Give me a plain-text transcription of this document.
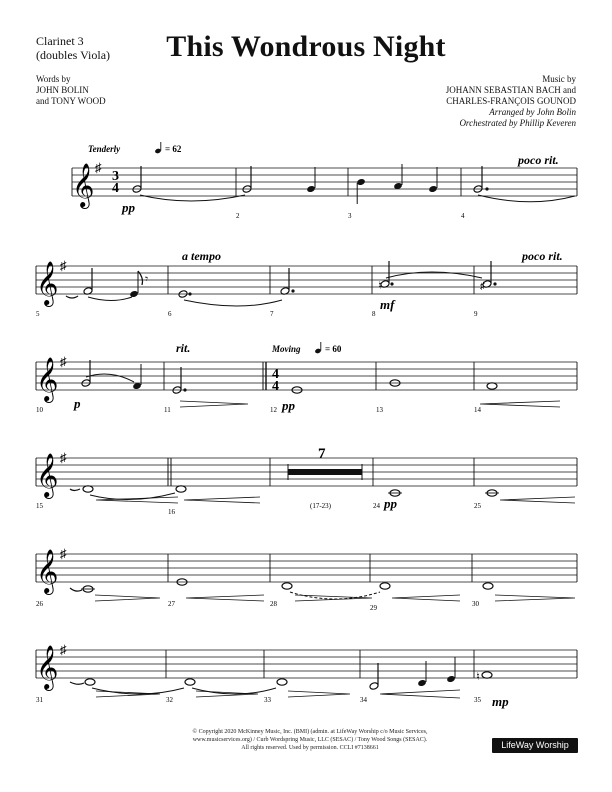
Clarinet 3
(doubles Viola)	This Wondrous Night
Words by
JOHN BOLIN
and TONY WOOD
Music by
JOHANN SEBASTIAN BACH and
CHARLES-FRANÇOIS GOUNOD
Arranged by John Bolin
Orchestrated by Phillip Keveren
Tenderly	= 62
𝄞 ♯
3
4
pp
poco rit.
2	3	4
𝄞 ♯
𝄾	♮	♯
a tempo	poco rit.
mf
5	6	7	8	9
𝄞 ♯
4
4
rit.	Moving	= 60
p	pp
10	11	12	13	14
𝄞 ♯	7
(17-23)	pp
15
16
24	25
𝄞 ♯
26	27	28	29	30
𝄞 ♯
♮
mp
31	32	33	34	35
© Copyright 2020 McKinney Music, Inc. (BMI) (admin. at LifeWay Worship c/o Music Services,
www.musicservices.org) / Curb Wordspring Music, LLC (SESAC) / Tony Wood Songs (SESAC).
All rights reserved. Used by permission. CCLI #7138661	LifeWay Worship
